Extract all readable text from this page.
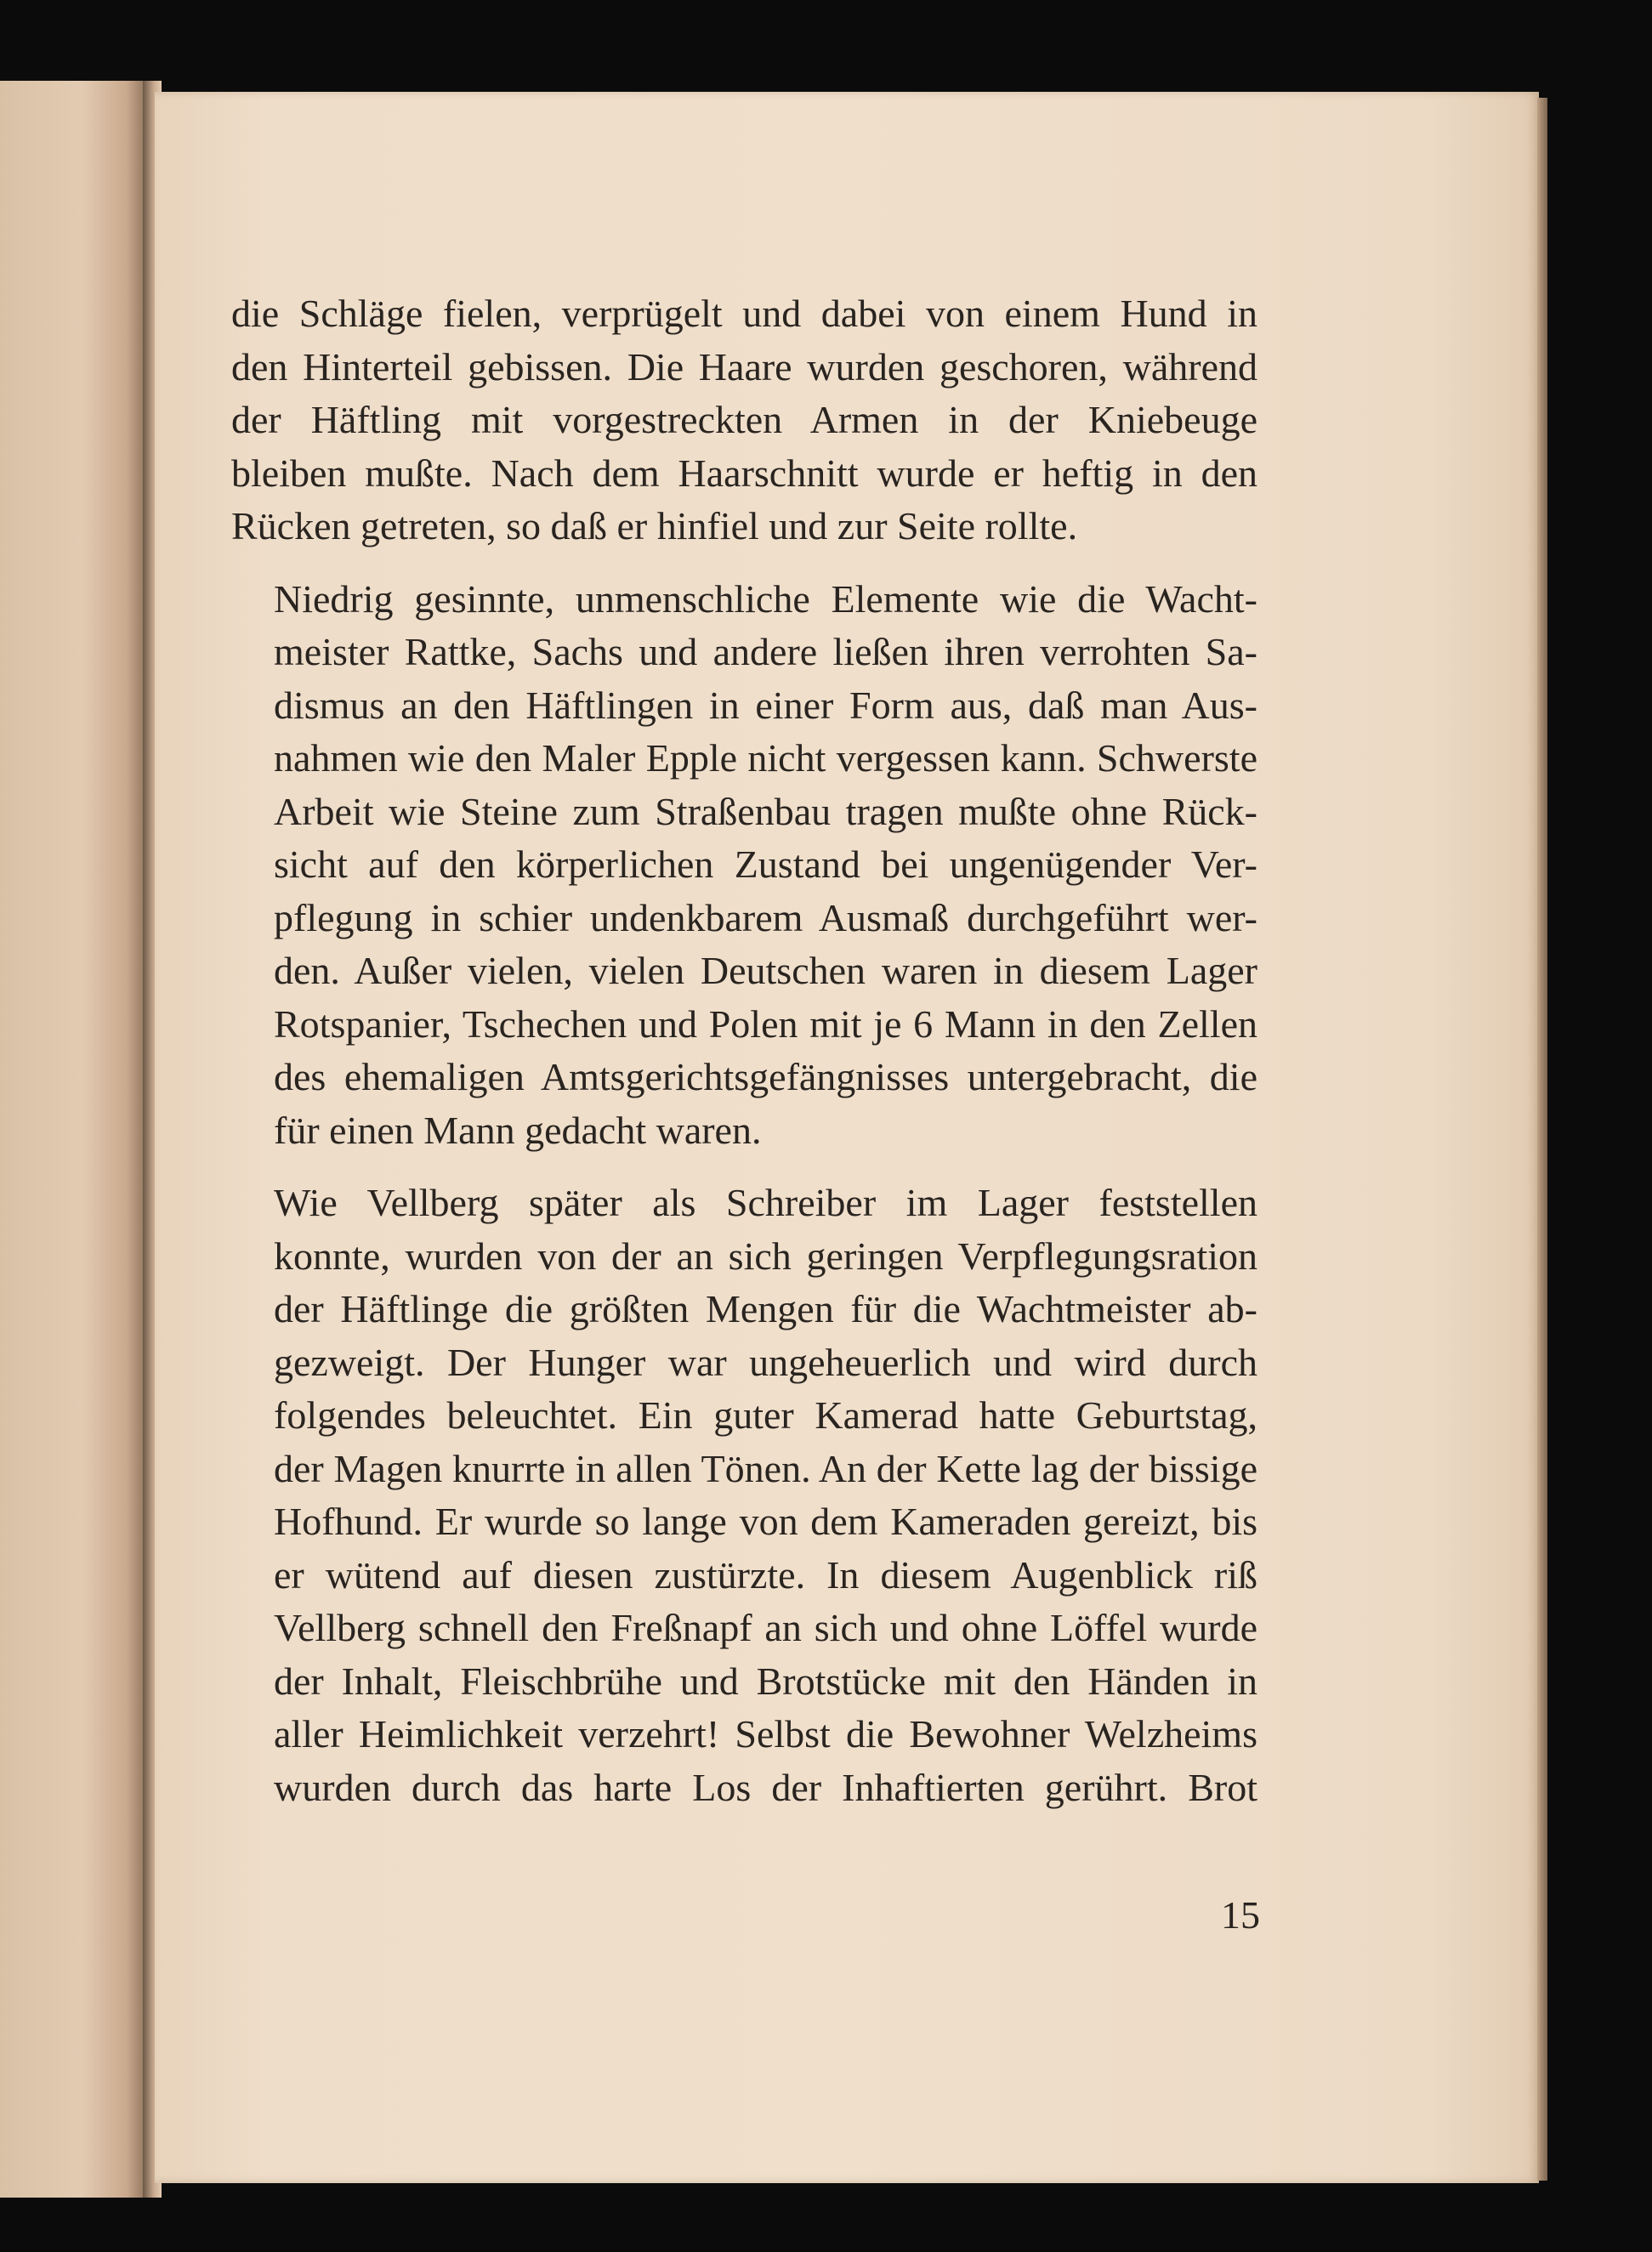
die Schläge fielen, verprügelt und dabei von einem Hund in
den Hinterteil gebissen. Die Haare wurden geschoren, während
der Häftling mit vorgestreckten Armen in der Kniebeuge
bleiben mußte. Nach dem Haarschnitt wurde er heftig in den
Rücken getreten, so daß er hinfiel und zur Seite rollte.

Niedrig gesinnte, unmenschliche Elemente wie die Wacht-
meister Rattke, Sachs und andere ließen ihren verrohten Sa-
dismus an den Häftlingen in einer Form aus, daß man Aus-
nahmen wie den Maler Epple nicht vergessen kann. Schwerste
Arbeit wie Steine zum Straßenbau tragen mußte ohne Rück-
sicht auf den körperlichen Zustand bei ungenügender Ver-
pflegung in schier undenkbarem Ausmaß durchgeführt wer-
den. Außer vielen, vielen Deutschen waren in diesem Lager
Rotspanier, Tschechen und Polen mit je 6 Mann in den Zellen
des ehemaligen Amtsgerichtsgefängnisses untergebracht, die
für einen Mann gedacht waren.

Wie Vellberg später als Schreiber im Lager feststellen
konnte, wurden von der an sich geringen Verpflegungsration
der Häftlinge die größten Mengen für die Wachtmeister ab-
gezweigt. Der Hunger war ungeheuerlich und wird durch
folgendes beleuchtet. Ein guter Kamerad hatte Geburtstag,
der Magen knurrte in allen Tönen. An der Kette lag der bissige
Hofhund. Er wurde so lange von dem Kameraden gereizt, bis
er wütend auf diesen zustürzte. In diesem Augenblick riß
Vellberg schnell den Freßnapf an sich und ohne Löffel wurde
der Inhalt, Fleischbrühe und Brotstücke mit den Händen in
aller Heimlichkeit verzehrt! Selbst die Bewohner Welzheims
wurden durch das harte Los der Inhaftierten gerührt. Brot

15
